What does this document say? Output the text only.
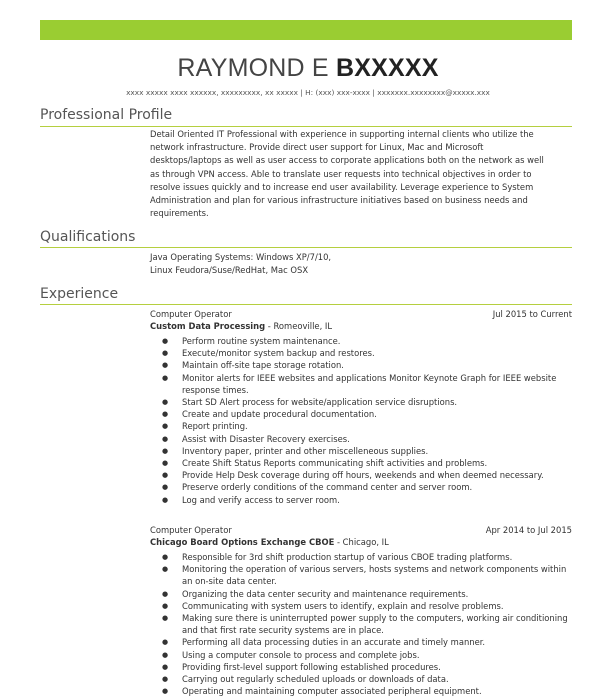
RAYMOND E BXXXXX
xxxx xxxxx xxxx xxxxxx, xxxxxxxxx, xx xxxxx | H: (xxx) xxx-xxxx | xxxxxxx.xxxxxxxx@xxxxx.xxx
Professional Profile
Detail Oriented IT Professional with experience in supporting internal clients who utilize the
network infrastructure. Provide direct user support for Linux, Mac and Microsoft
desktops/laptops as well as user access to corporate applications both on the network as well
as through VPN access. Able to translate user requests into technical objectives in order to
resolve issues quickly and to increase end user availability. Leverage experience to System
Administration and plan for various infrastructure initiatives based on business needs and
requirements.
Qualifications
Java Operating Systems: Windows XP/7/10,
Linux Feudora/Suse/RedHat, Mac OSX
Experience
Computer Operator	Jul 2015 to Current
Custom Data Processing - Romeoville, IL
● Perform routine system maintenance.
● Execute/monitor system backup and restores.
● Maintain off-site tape storage rotation.
● Monitor alerts for IEEE websites and applications Monitor Keynote Graph for IEEE website response times.
● Start SD Alert process for website/application service disruptions.
● Create and update procedural documentation.
● Report printing.
● Assist with Disaster Recovery exercises.
● Inventory paper, printer and other miscelleneous supplies.
● Create Shift Status Reports communicating shift activities and problems.
● Provide Help Desk coverage during off hours, weekends and when deemed necessary.
● Preserve orderly conditions of the command center and server room.
● Log and verify access to server room.
Computer Operator	Apr 2014 to Jul 2015
Chicago Board Options Exchange CBOE - Chicago, IL
● Responsible for 3rd shift production startup of various CBOE trading platforms.
● Monitoring the operation of various servers, hosts systems and network components within an on-site data center.
● Organizing the data center security and maintenance requirements.
● Communicating with system users to identify, explain and resolve problems.
● Making sure there is uninterrupted power supply to the computers, working air conditioning and that first rate security systems are in place.
● Performing all data processing duties in an accurate and timely manner.
● Using a computer console to process and complete jobs.
● Providing first-level support following established procedures.
● Carrying out regularly scheduled uploads or downloads of data.
● Operating and maintaining computer associated peripheral equipment.
